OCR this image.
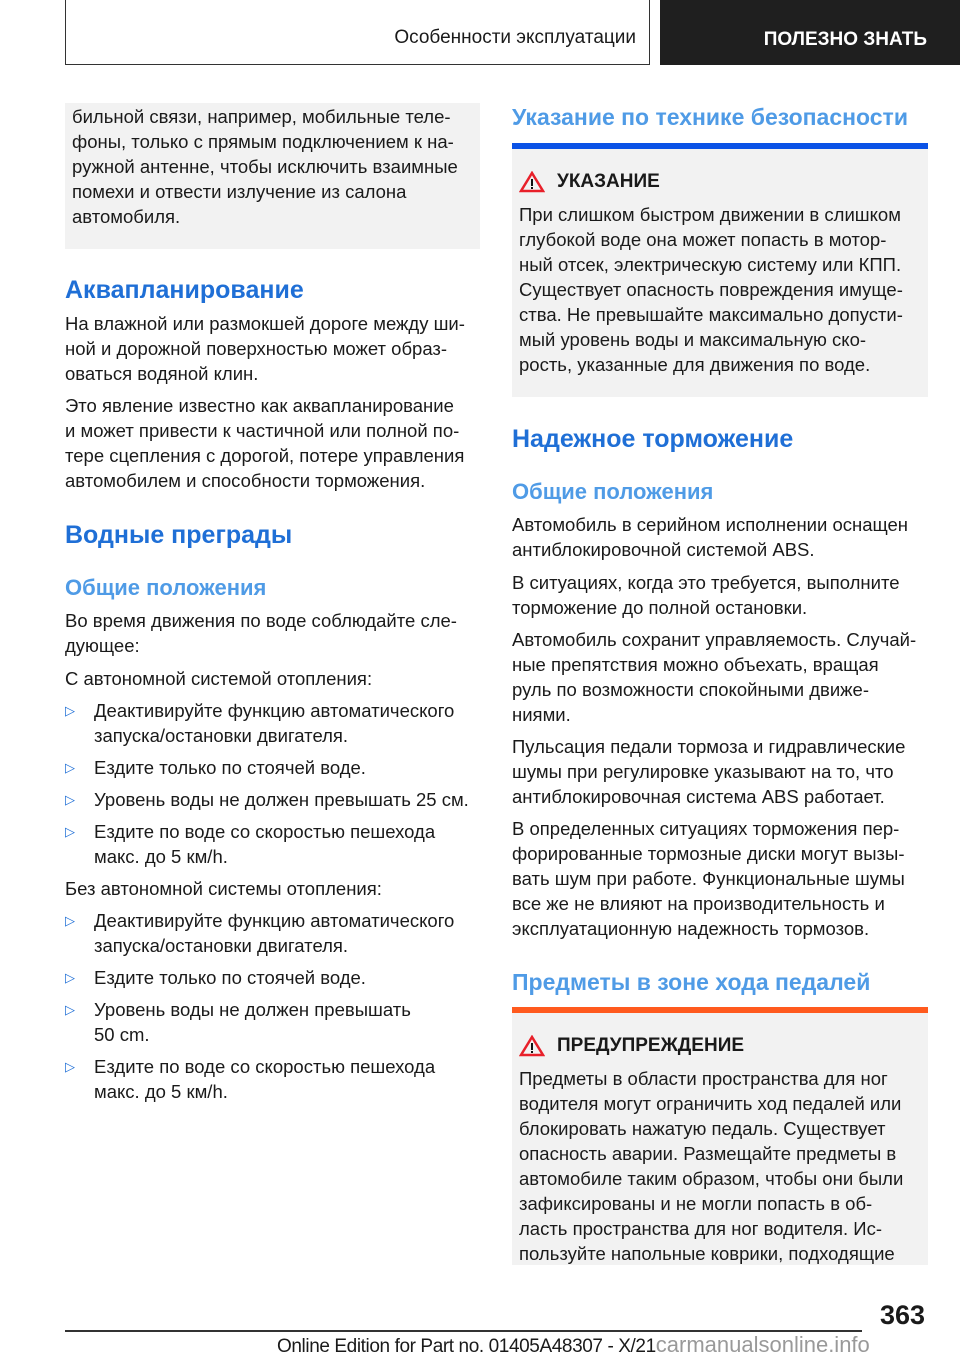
Особенности эксплуатации	ПОЛЕЗНО ЗНАТЬ
бильной связи, например, мобильные теле-
фоны, только с прямым подключением к на-
ружной антенне, чтобы исключить взаимные
помехи и отвести излучение из салона
автомобиля.
Аквапланирование
На влажной или размокшей дороге между ши-
ной и дорожной поверхностью может образ-
оваться водяной клин.
Это явление известно как аквапланирование
и может привести к частичной или полной по-
тере сцепления с дорогой, потере управления
автомобилем и способности торможения.
Водные преграды
Общие положения
Во время движения по воде соблюдайте сле-
дующее:
С автономной системой отопления:
▷ Деактивируйте функцию автоматического
запуска/остановки двигателя.
▷ Ездите только по стоячей воде.
▷ Уровень воды не должен превышать 25 см.
▷ Ездите по воде со скоростью пешехода
макс. до 5 км/h.
Без автономной системы отопления:
▷ Деактивируйте функцию автоматического
запуска/остановки двигателя.
▷ Ездите только по стоячей воде.
▷ Уровень воды не должен превышать
50 cm.
▷ Ездите по воде со скоростью пешехода
макс. до 5 км/h.
Указание по технике безопасности
УКАЗАНИЕ
При слишком быстром движении в слишком
глубокой воде она может попасть в мотор-
ный отсек, электрическую систему или КПП.
Существует опасность повреждения имуще-
ства. Не превышайте максимально допусти-
мый уровень воды и максимальную ско-
рость, указанные для движения по воде.
Надежное торможение
Общие положения
Автомобиль в серийном исполнении оснащен
антиблокировочной системой ABS.
В ситуациях, когда это требуется, выполните
торможение до полной остановки.
Автомобиль сохранит управляемость. Случай-
ные препятствия можно объехать, вращая
руль по возможности спокойными движе-
ниями.
Пульсация педали тормоза и гидравлические
шумы при регулировке указывают на то, что
антиблокировочная система ABS работает.
В определенных ситуациях торможения пер-
форированные тормозные диски могут вызы-
вать шум при работе. Функциональные шумы
все же не влияют на производительность и
эксплуатационную надежность тормозов.
Предметы в зоне хода педалей
ПРЕДУПРЕЖДЕНИЕ
Предметы в области пространства для ног
водителя могут ограничить ход педалей или
блокировать нажатую педаль. Существует
опасность аварии. Размещайте предметы в
автомобиле таким образом, чтобы они были
зафиксированы и не могли попасть в об-
ласть пространства для ног водителя. Ис-
пользуйте напольные коврики, подходящие
363
Online Edition for Part no. 01405A48307 - X/21carmanualsonline.info
